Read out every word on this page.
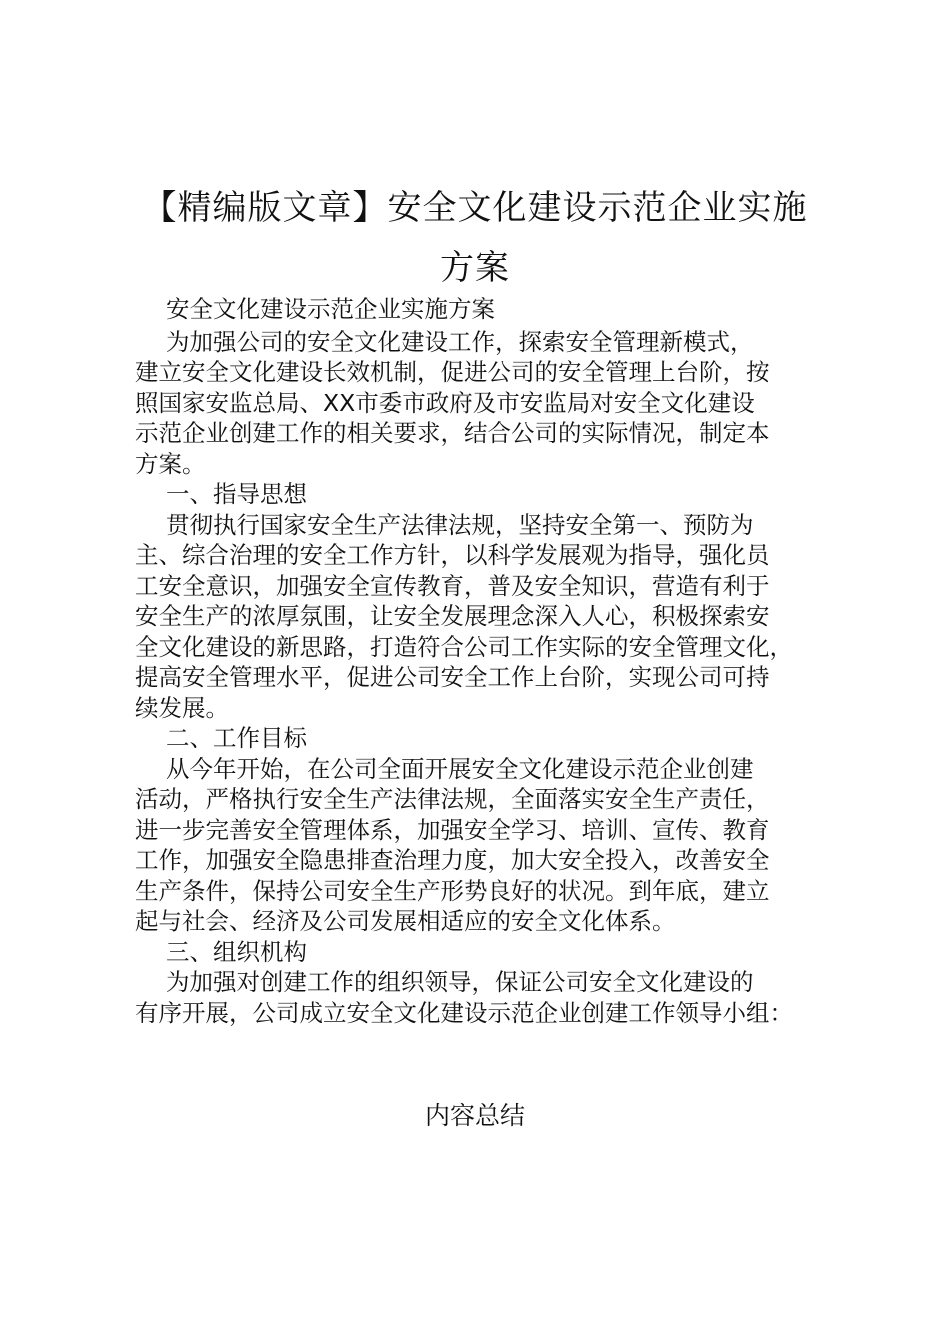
【精编版文章】安全文化建设示范企业实施
方案
安全文化建设示范企业实施方案
为加强公司的安全文化建设工作，探索安全管理新模式，
建立安全文化建设长效机制，促进公司的安全管理上台阶，按
照国家安监总局、XX市委市政府及市安监局对安全文化建设
示范企业创建工作的相关要求，结合公司的实际情况，制定本
方案。
一、指导思想
贯彻执行国家安全生产法律法规，坚持安全第一、预防为
主、综合治理的安全工作方针，以科学发展观为指导，强化员
工安全意识，加强安全宣传教育，普及安全知识，营造有利于
安全生产的浓厚氛围，让安全发展理念深入人心，积极探索安
全文化建设的新思路，打造符合公司工作实际的安全管理文化，
提高安全管理水平，促进公司安全工作上台阶，实现公司可持
续发展。
二、工作目标
从今年开始，在公司全面开展安全文化建设示范企业创建
活动，严格执行安全生产法律法规，全面落实安全生产责任，
进一步完善安全管理体系，加强安全学习、培训、宣传、教育
工作，加强安全隐患排查治理力度，加大安全投入，改善安全
生产条件，保持公司安全生产形势良好的状况。到年底，建立
起与社会、经济及公司发展相适应的安全文化体系。
三、组织机构
为加强对创建工作的组织领导，保证公司安全文化建设的
有序开展，公司成立安全文化建设示范企业创建工作领导小组：
内容总结
